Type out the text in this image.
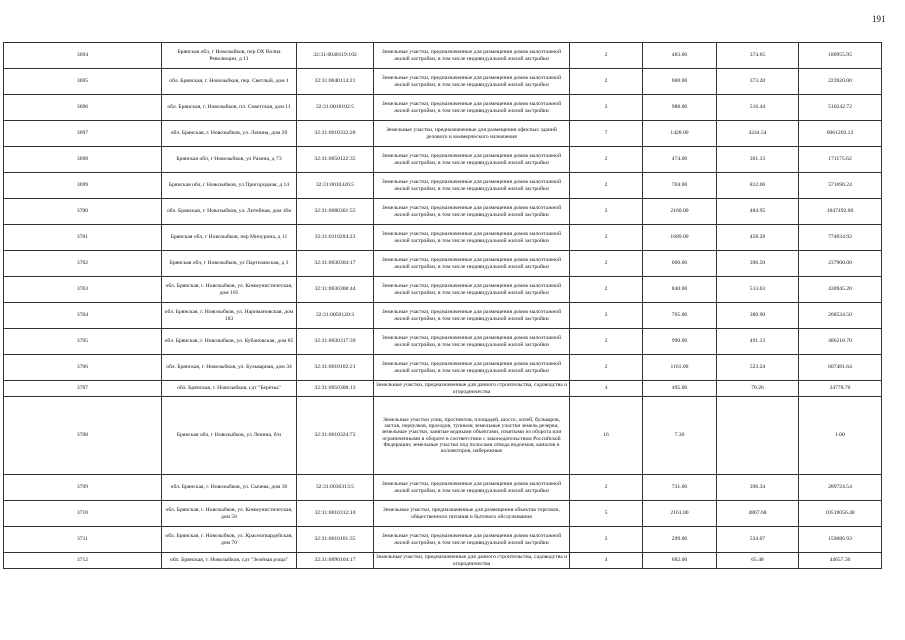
191
3694	Брянская обл, г Новозыбков, пер ОХ Волна Революции, д 11	32:31:0040119:102	Земельные участки, предназначенные для размещения домов малоэтажной жилой застройки, в том числе индивидуальной жилой застройки	2	483.00	374.65	180955.95
3695	обл. Брянская, г. Новозыбков, пер. Светлый, дом 1	32:31:0040114:21	Земельные участки, предназначенные для размещения домов малоэтажной жилой застройки, в том числе индивидуальной жилой застройки	2	600.00	373.20	223920.00
3696	обл. Брянская, г. Новозыбков, пл. Советская, дом 11	32:31:0010102:5	Земельные участки, предназначенные для размещения домов малоэтажной жилой застройки, в том числе индивидуальной жилой застройки	2	988.00	516.44	510242.72
3697	обл. Брянская, г. Новозыбков, ул. Ленина, дом 20	32:31:0010332:28	Земельные участки, предназначенные для размещения офисных зданий делового и коммерческого назначения	7	1428.00	4244.54	6061203.12
3698	Брянская обл, г Новозыбков, ул Разина, д 73	32:31:0050122:35	Земельные участки, предназначенные для размещения домов малоэтажной жилой застройки, в том числе индивидуальной жилой застройки	2	474.00	361.13	171175.62
3699	Брянская обл, г Новозыбков, ул Пригородная, д 14	32:31:0010326:5	Земельные участки, предназначенные для размещения домов малоэтажной жилой застройки, в том числе индивидуальной жилой застройки	2	704.00	812.06	571690.24
3700	обл. Брянская, г. Новозыбков, ул. Литейная, дом 40а	32:31:0080301:55	Земельные участки, предназначенные для размещения домов малоэтажной жилой застройки, в том числе индивидуальной жилой застройки	2	2160.00	484.95	1047492.00
3701	Брянская обл, г Новозыбков, пер Мичурина, д 11	32:31:0110204:23	Земельные участки, предназначенные для размещения домов малоэтажной жилой застройки, в том числе индивидуальной жилой застройки	2	1689.00	458.28	774034.92
3702	Брянская обл, г Новозыбков, ул Партизанская, д 3	32:31:0030304:17	Земельные участки, предназначенные для размещения домов малоэтажной жилой застройки, в том числе индивидуальной жилой застройки	2	600.00	396.50	237900.00
3703	обл. Брянская, г. Новозыбков, ул. Коммунистическая, дом 105	32:31:0030308:44	Земельные участки, предназначенные для размещения домов малоэтажной жилой застройки, в том числе индивидуальной жилой застройки	2	840.00	513.03	430945.20
3704	обл. Брянская, г. Новозыбков, ул. Наримановская, дом 183	32:31:0050120:3	Земельные участки, предназначенные для размещения домов малоэтажной жилой застройки, в том числе индивидуальной жилой застройки	2	705.00	380.90	268534.50
3705	обл. Брянская, г. Новозыбков, ул. Кубановская, дом 85	32:31:0030317:39	Земельные участки, предназначенные для размещения домов малоэтажной жилой застройки, в том числе индивидуальной жилой застройки	2	990.00	491.13	486218.70
3706	обл. Брянская, г. Новозыбков, ул. Бульварная, дом 34	32:31:0010102:21	Земельные участки, предназначенные для размещения домов малоэтажной жилой застройки, в том числе индивидуальной жилой застройки	2	1161.00	523.24	607481.64
3707	обл. Брянская, г. Новозыбков, сдт "Берёзка"	32:31:0050308:13	Земельные участки, предназначенные для дачного строительства, садоводства и огородничества	4	495.00	70.26	34778.70
3708	Брянская обл, г Новозыбков, ул Ленина, б/н	32:31:0010324:72	Земельные участки улиц, проспектов, площадей, шоссе, аллей, бульваров, застав, переулков, проездов, тупиков; земельные участки земель резерва; земельные участки, занятые водными объектами, изъятыми из оборота или ограниченными в обороте в соответствии с законодательством Российской Федерации; земельные участки под полосами отвода водоемов, каналов и коллекторов, набережные	16	7.30		1.00
3709	обл. Брянская, г. Новозыбков, ул. Сычева, дом 36	32:31:0030313:5	Земельные участки, предназначенные для размещения домов малоэтажной жилой застройки, в том числе индивидуальной жилой застройки	2	731.00	396.34	289724.54
3710	обл. Брянская, г. Новозыбков, ул. Коммунистическая, дом 56	32:31:0010312:10	Земельные участки, предназначенные для размещения объектов торговли, общественного питания и бытового обслуживания	5	2161.00	4867.68	10519056.48
3711	обл. Брянская, г. Новозыбков, ул. Красногвардейская, дом 70	32:31:0010101:35	Земельные участки, предназначенные для размещения домов малоэтажной жилой застройки, в том числе индивидуальной жилой застройки	2	299.00	534.07	159686.93
3712	обл. Брянская, г. Новозыбков, сдт "Зелёная роща"	32:31:0090104:17	Земельные участки, предназначенные для дачного строительства, садоводства и огородничества	4	682.00	65.48	44657.36
